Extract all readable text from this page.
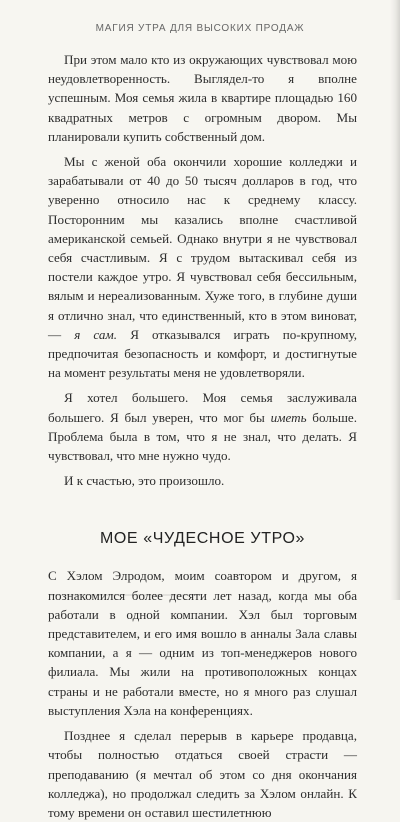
МАГИЯ УТРА ДЛЯ ВЫСОКИХ ПРОДАЖ

При этом мало кто из окружающих чувствовал мою неудовлетворенность. Выглядел-то я вполне успешным. Моя семья жила в квартире площадью 160 квадратных метров с огромным двором. Мы планировали купить собственный дом.

Мы с женой оба окончили хорошие колледжи и зарабатывали от 40 до 50 тысяч долларов в год, что уверенно относило нас к среднему классу. Посторонним мы казались вполне счастливой американской семьей. Однако внутри я не чувствовал себя счастливым. Я с трудом вытаскивал себя из постели каждое утро. Я чувствовал себя бессильным, вялым и нереализованным. Хуже того, в глубине души я отлично знал, что единственный, кто в этом виноват, — я сам. Я отказывался играть по-крупному, предпочитая безопасность и комфорт, и достигнутые на момент результаты меня не удовлетворяли.

Я хотел большего. Моя семья заслуживала большего. Я был уверен, что мог бы иметь больше. Проблема была в том, что я не знал, что делать. Я чувствовал, что мне нужно чудо.

И к счастью, это произошло.

МОЕ «ЧУДЕСНОЕ УТРО»

С Хэлом Элродом, моим соавтором и другом, я познакомился более десяти лет назад, когда мы оба работали в одной компании. Хэл был торговым представителем, и его имя вошло в анналы Зала славы компании, а я — одним из топ-менеджеров нового филиала. Мы жили на противоположных концах страны и не работали вместе, но я много раз слушал выступления Хэла на конференциях.

Позднее я сделал перерыв в карьере продавца, чтобы полностью отдаться своей страсти — преподаванию (я мечтал об этом со дня окончания колледжа), но продолжал следить за Хэлом онлайн. К тому времени он оставил шестилетнюю
